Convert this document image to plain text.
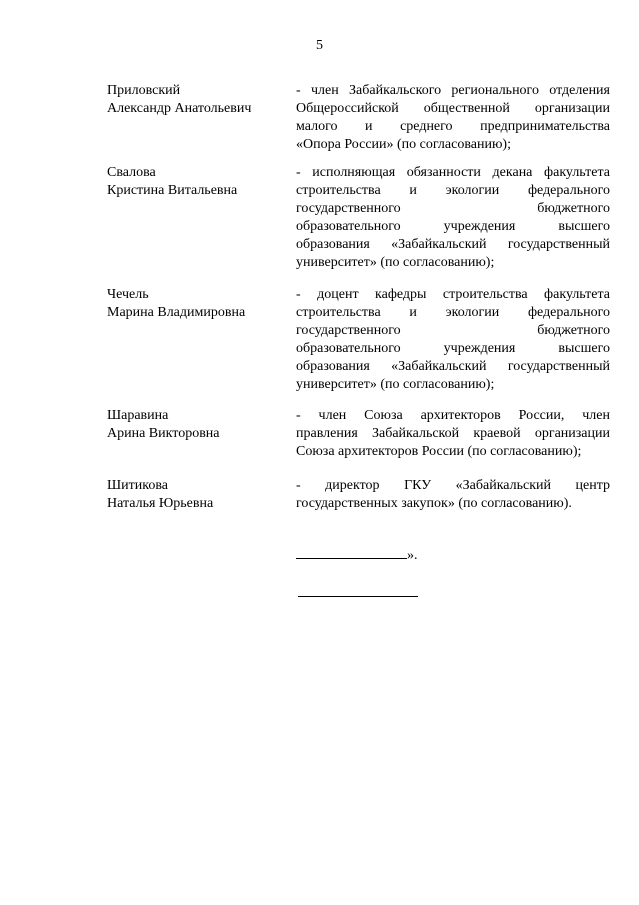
5
Приловский
Александр Анатольевич
- член Забайкальского регионального отделения
Общероссийской общественной организации
малого и среднего предпринимательства
«Опора России» (по согласованию);
Свалова
Кристина Витальевна
- исполняющая обязанности декана факультета
строительства и экологии федерального
государственного бюджетного
образовательного учреждения высшего
образования «Забайкальский государственный
университет» (по согласованию);
Чечель
Марина Владимировна
- доцент кафедры строительства факультета
строительства и экологии федерального
государственного бюджетного
образовательного учреждения высшего
образования «Забайкальский государственный
университет» (по согласованию);
Шаравина
Арина Викторовна
- член Союза архитекторов России, член
правления Забайкальской краевой организации
Союза архитекторов России (по согласованию);
Шитикова
Наталья Юрьевна
- директор ГКУ «Забайкальский центр
государственных закупок» (по согласованию).
».
